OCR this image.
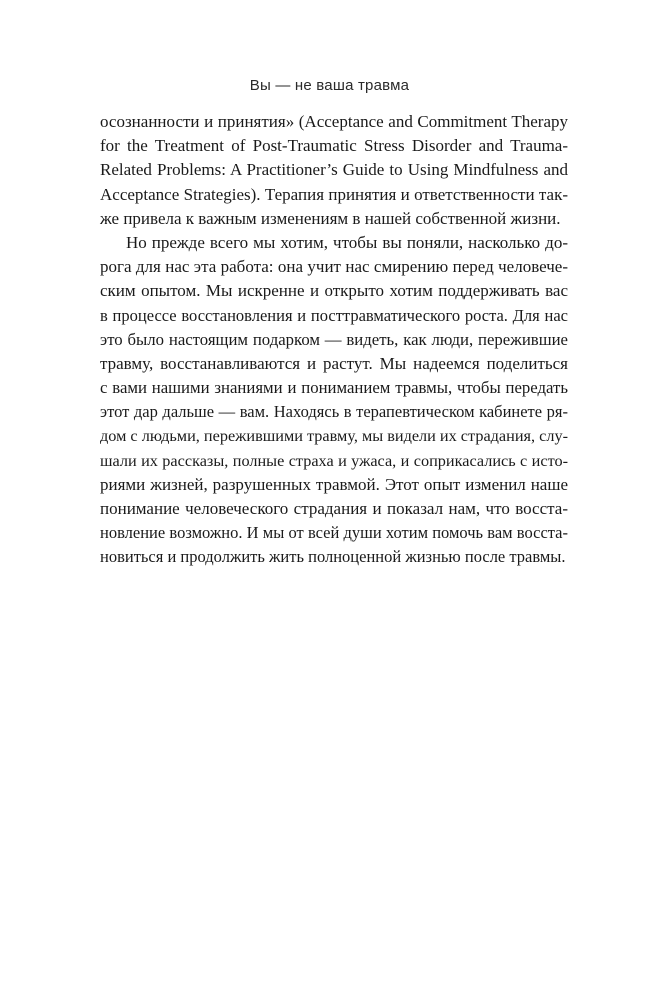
Вы — не ваша травма
осознанности и принятия» (Acceptance and Commitment Therapy
for the Treatment of Post-Traumatic Stress Disorder and Trauma-
Related Problems: A Practitioner’s Guide to Using Mindfulness and
Acceptance Strategies). Терапия принятия и ответственности так-
же привела к важным изменениям в нашей собственной жизни.
Но прежде всего мы хотим, чтобы вы поняли, насколько до-
рога для нас эта работа: она учит нас смирению перед человече-
ским опытом. Мы искренне и открыто хотим поддерживать вас
в процессе восстановления и посттравматического роста. Для нас
это было настоящим подарком — видеть, как люди, пережившие
травму, восстанавливаются и растут. Мы надеемся поделиться
с вами нашими знаниями и пониманием травмы, чтобы передать
этот дар дальше — вам. Находясь в терапевтическом кабинете ря-
дом с людьми, пережившими травму, мы видели их страдания, слу-
шали их рассказы, полные страха и ужаса, и соприкасались с исто-
риями жизней, разрушенных травмой. Этот опыт изменил наше
понимание человеческого страдания и показал нам, что восста-
новление возможно. И мы от всей души хотим помочь вам восста-
новиться и продолжить жить полноценной жизнью после травмы.
